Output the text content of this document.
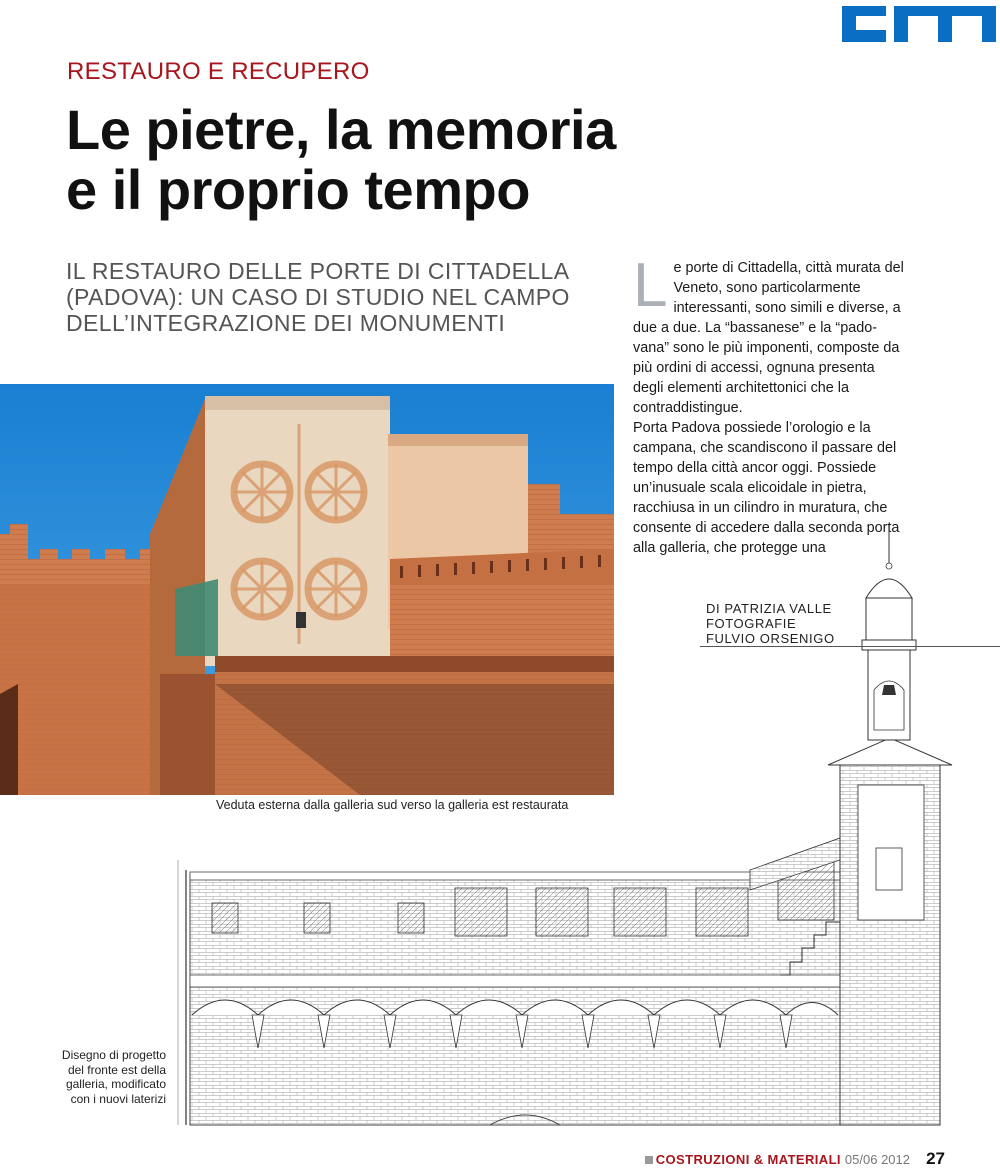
RESTAURO E RECUPERO
Le pietre, la memoria
e il proprio tempo
IL RESTAURO DELLE PORTE DI CITTADELLA
(PADOVA): UN CASO DI STUDIO NEL CAMPO
DELL’INTEGRAZIONE DEI MONUMENTI

Le porte di Cittadella, città murata del Veneto, sono particolarmente interessanti, sono simili e diverse, a due a due. La “bassanese” e la “pado-vana” sono le più imponenti, composte da più ordini di accessi, ognuna presenta degli elementi architettonici che la contraddistingue.

Porta Padova possiede l’orologio e la campana, che scandiscono il passare del tempo della città ancor oggi. Possiede un’inusuale scala elicoidale in pietra, racchiusa in un cilindro in muratura, che consente di accedere dalla seconda porta alla galleria, che protegge una

Veduta esterna dalla galleria sud verso la galleria est restaurata
DI PATRIZIA VALLE
FOTOGRAFIE
FULVIO ORSENIGO
Disegno di progetto del fronte est della galleria, modificato con i nuovi laterizi
COSTRUZIONI & MATERIALI 05/06 2012 27
